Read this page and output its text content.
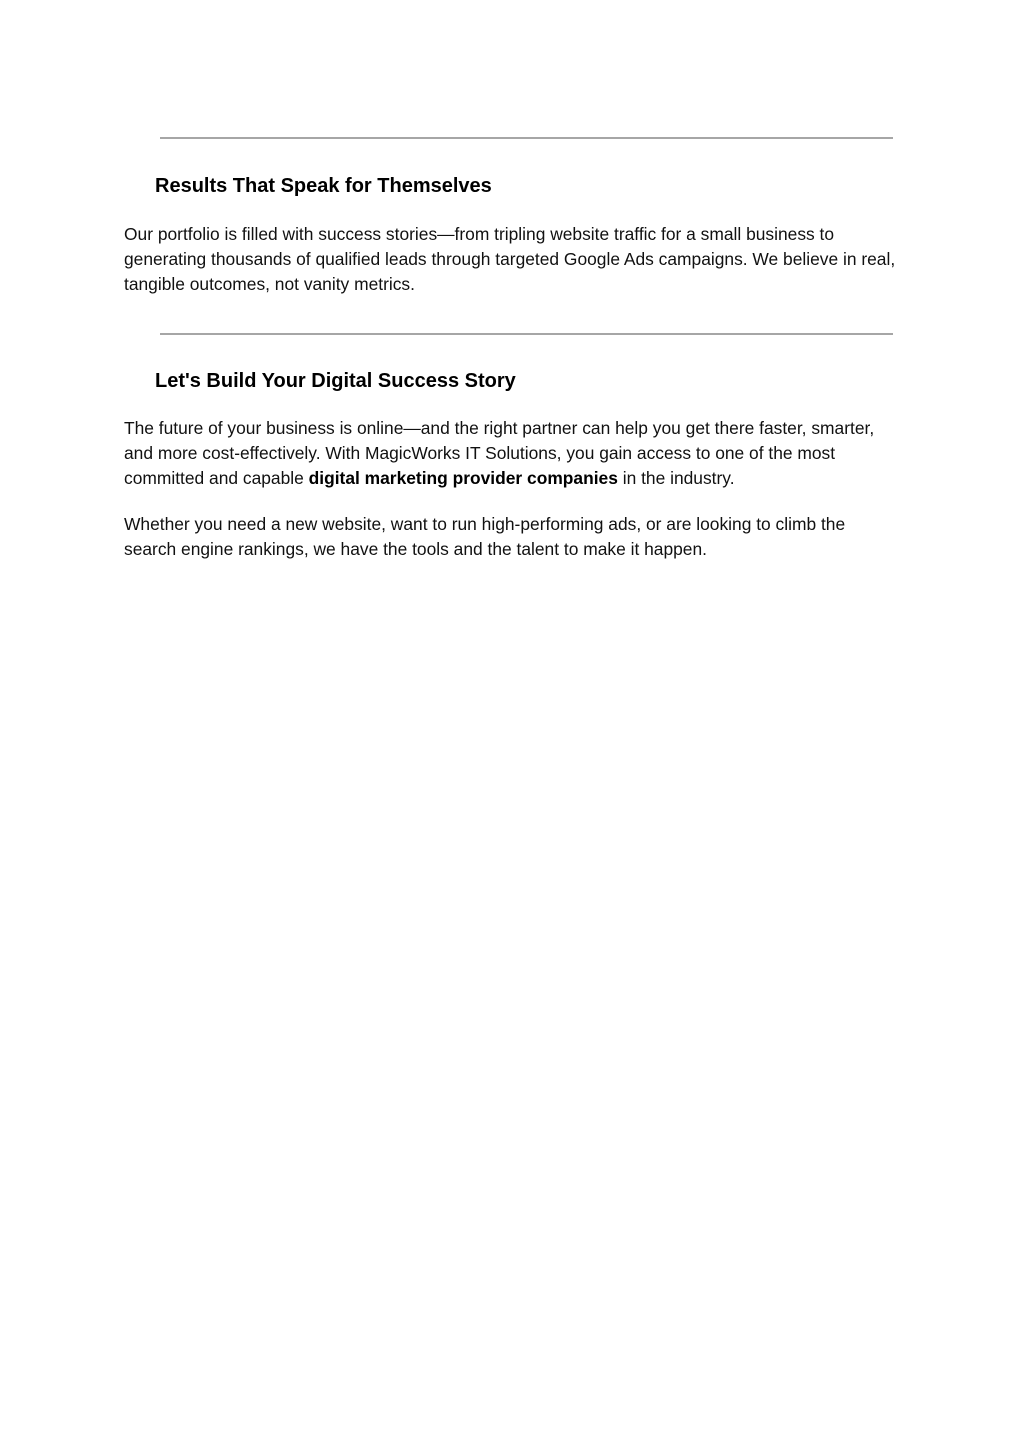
Results That Speak for Themselves

Our portfolio is filled with success stories—from tripling website traffic for a small business to generating thousands of qualified leads through targeted Google Ads campaigns. We believe in real, tangible outcomes, not vanity metrics.

Let's Build Your Digital Success Story

The future of your business is online—and the right partner can help you get there faster, smarter, and more cost-effectively. With MagicWorks IT Solutions, you gain access to one of the most committed and capable digital marketing provider companies in the industry.

Whether you need a new website, want to run high-performing ads, or are looking to climb the search engine rankings, we have the tools and the talent to make it happen.
